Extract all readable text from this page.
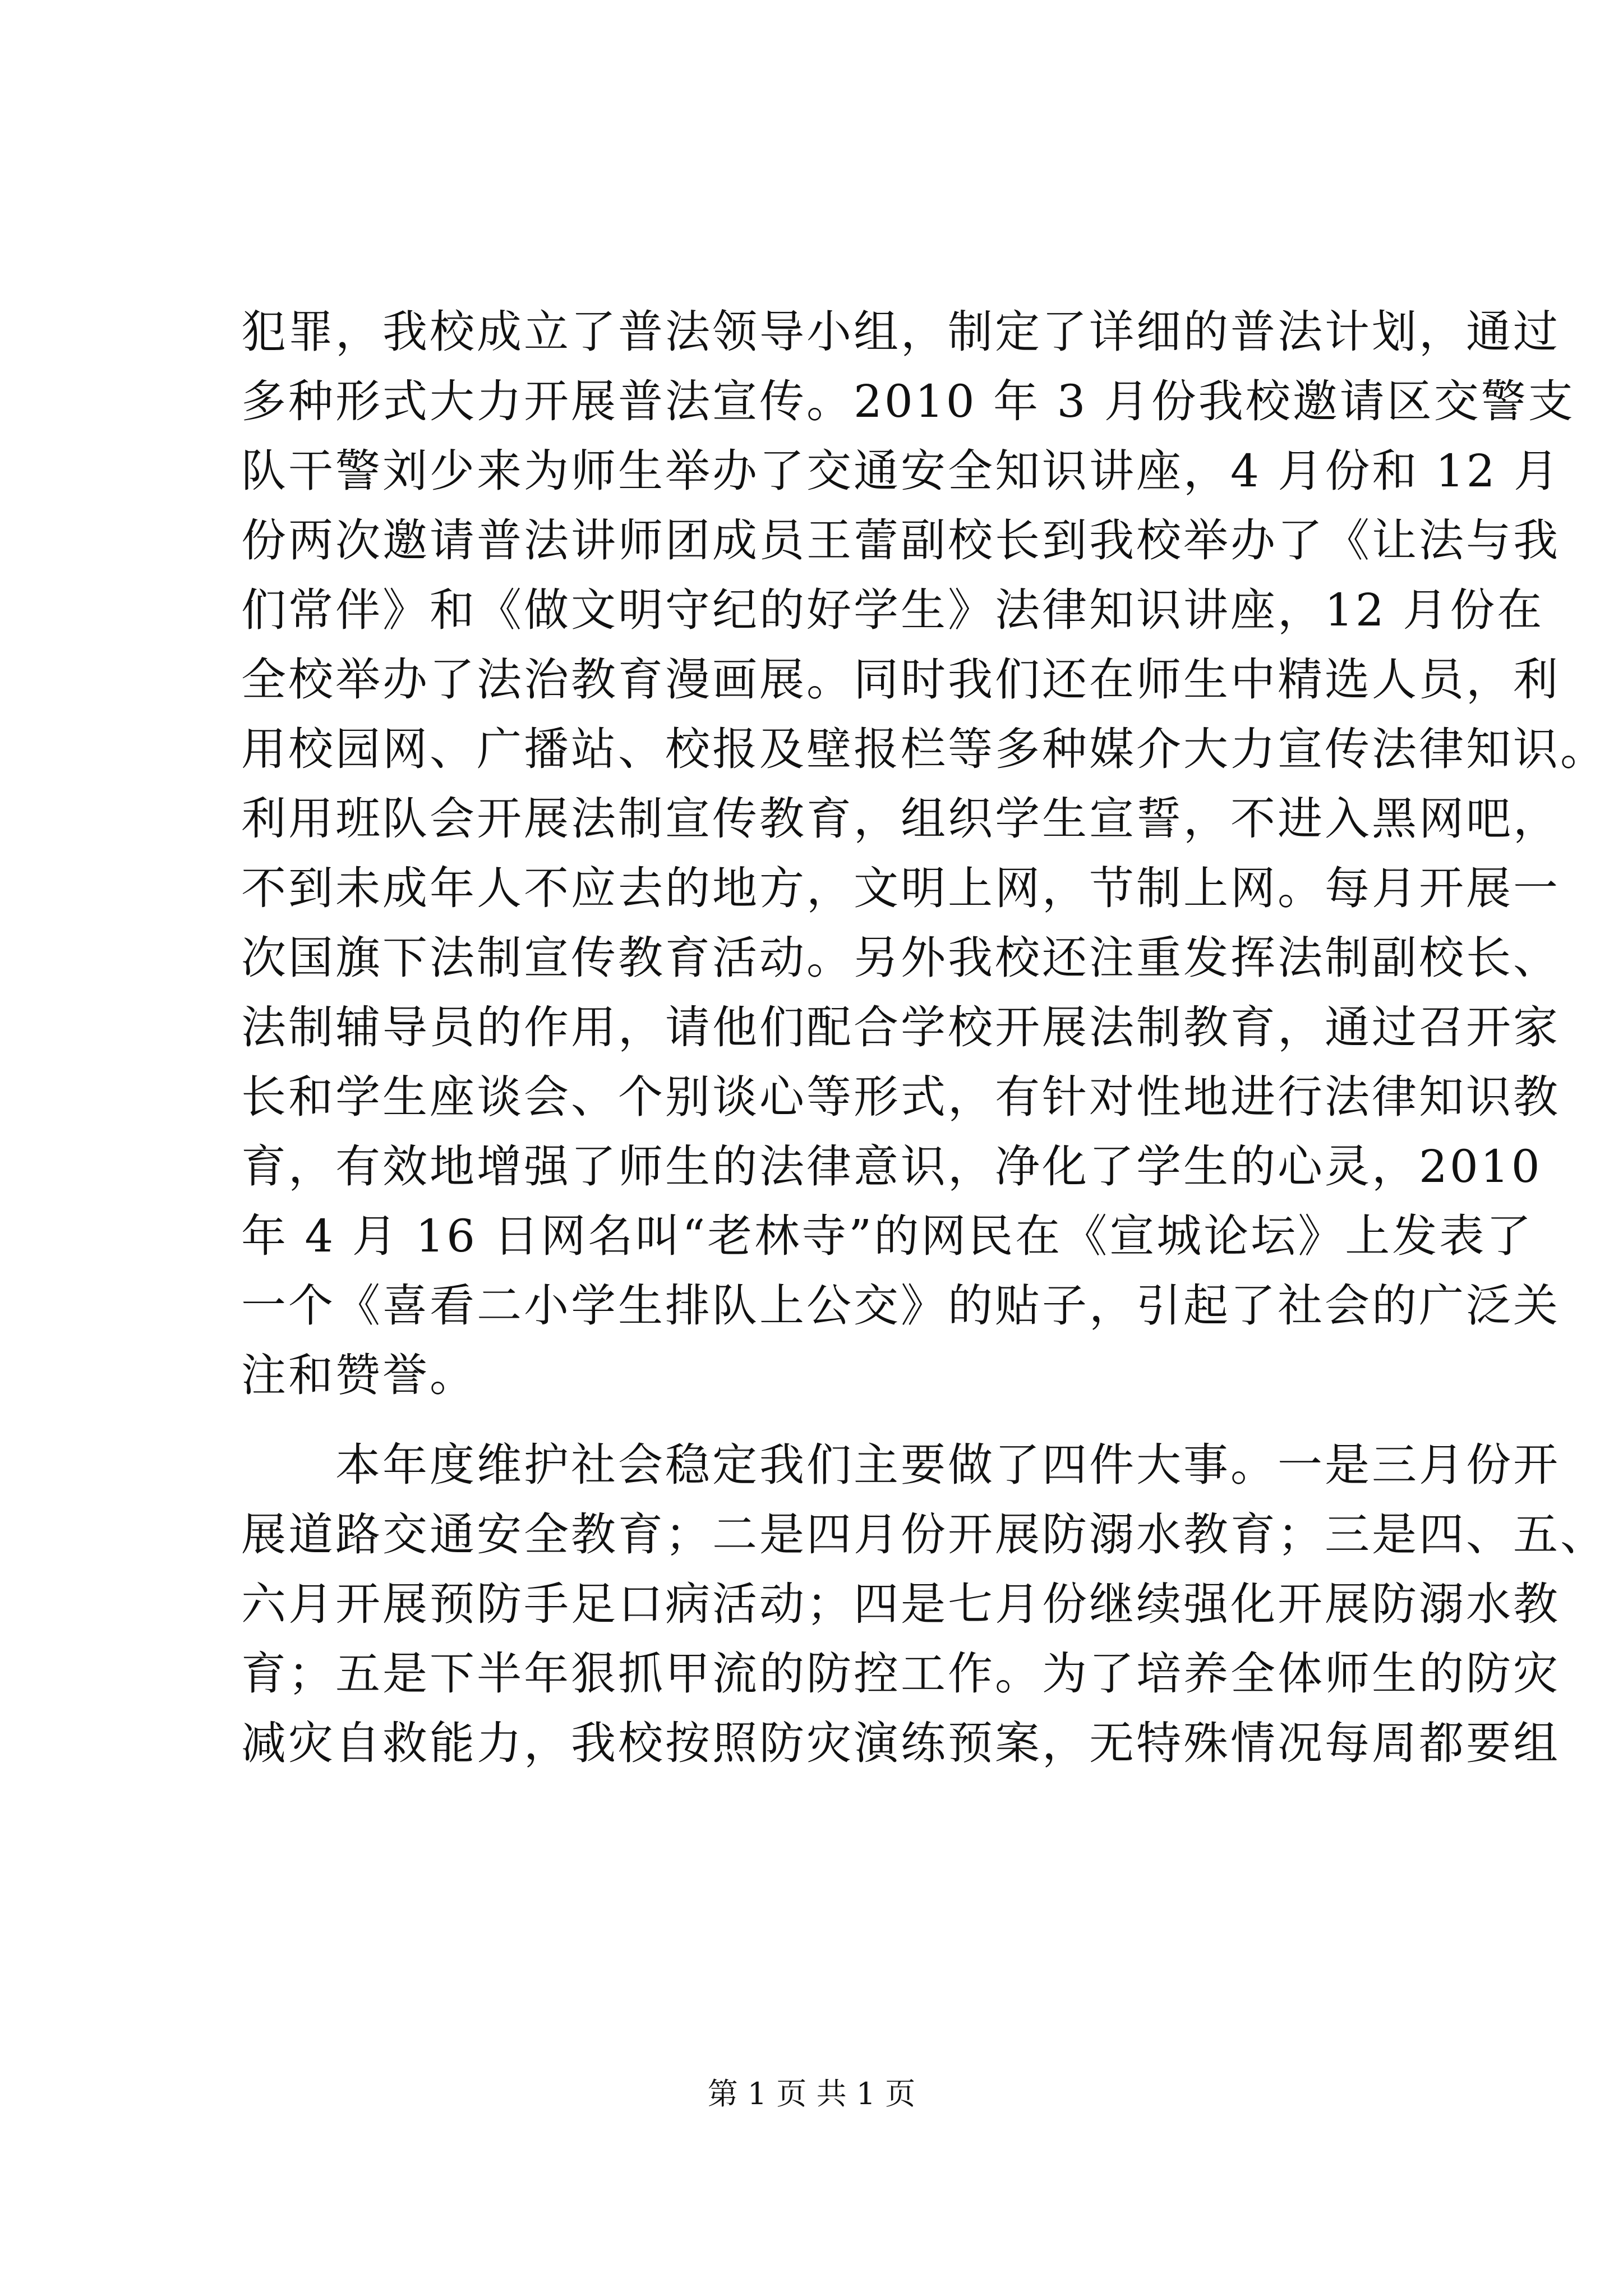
犯罪，我校成立了普法领导小组，制定了详细的普法计划，通过
多种形式大力开展普法宣传。2010 年 3 月份我校邀请区交警支
队干警刘少来为师生举办了交通安全知识讲座，4 月份和 12 月
份两次邀请普法讲师团成员王蕾副校长到我校举办了《让法与我
们常伴》和《做文明守纪的好学生》法律知识讲座，12 月份在
全校举办了法治教育漫画展。同时我们还在师生中精选人员，利
用校园网、广播站、校报及壁报栏等多种媒介大力宣传法律知识。
利用班队会开展法制宣传教育，组织学生宣誓，不进入黑网吧，
不到未成年人不应去的地方，文明上网，节制上网。每月开展一
次国旗下法制宣传教育活动。另外我校还注重发挥法制副校长、
法制辅导员的作用，请他们配合学校开展法制教育，通过召开家
长和学生座谈会、个别谈心等形式，有针对性地进行法律知识教
育，有效地增强了师生的法律意识，净化了学生的心灵，2010
年 4 月 16 日网名叫“老林寺”的网民在《宣城论坛》上发表了
一个《喜看二小学生排队上公交》的贴子，引起了社会的广泛关
注和赞誉。
　　本年度维护社会稳定我们主要做了四件大事。一是三月份开
展道路交通安全教育；二是四月份开展防溺水教育；三是四、五、
六月开展预防手足口病活动；四是七月份继续强化开展防溺水教
育；五是下半年狠抓甲流的防控工作。为了培养全体师生的防灾
减灾自救能力，我校按照防灾演练预案，无特殊情况每周都要组
第 1 页 共 1 页
